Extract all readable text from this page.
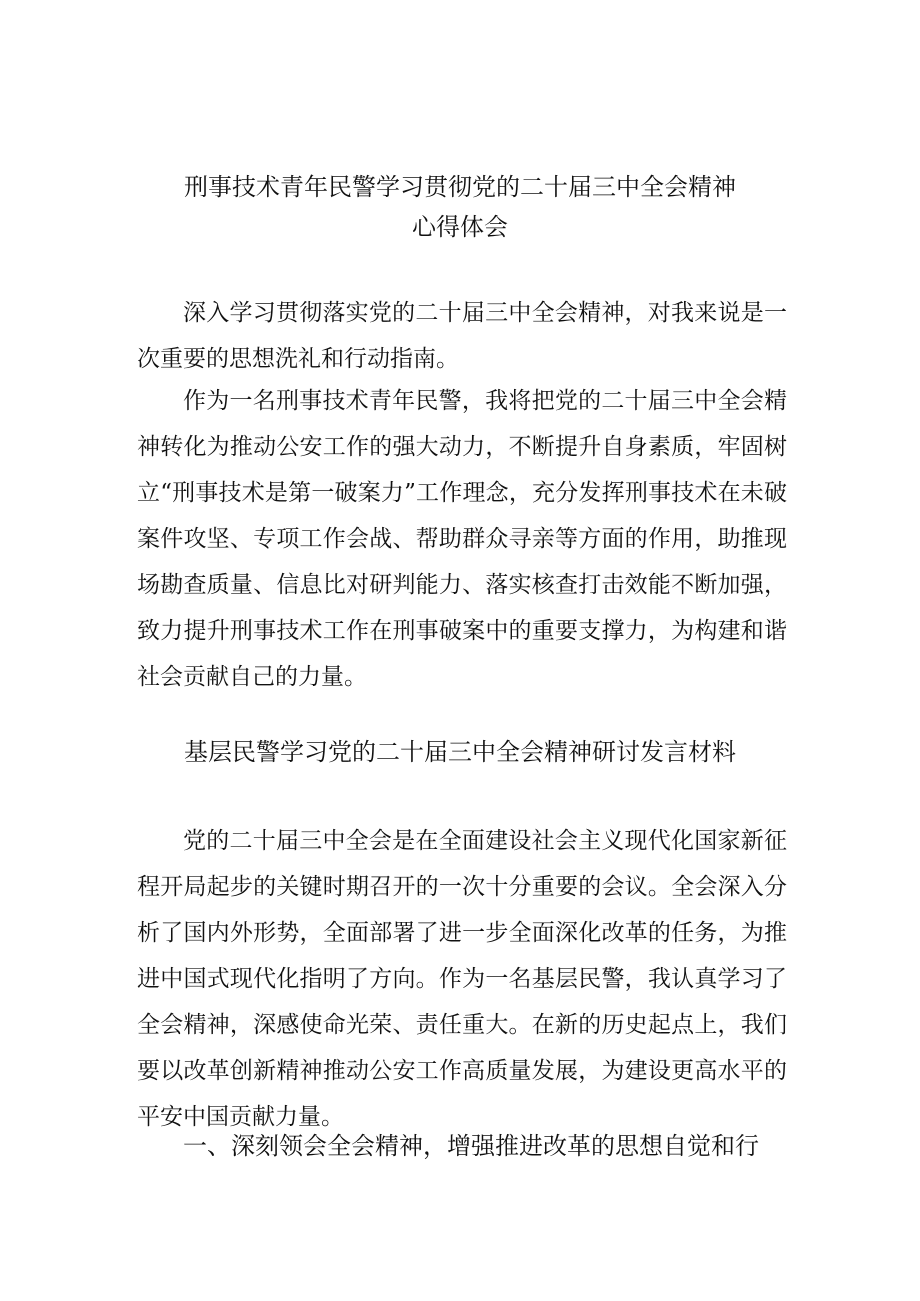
刑事技术青年民警学习贯彻党的二十届三中全会精神
心得体会

深入学习贯彻落实党的二十届三中全会精神，对我来说是一次重要的思想洗礼和行动指南。

作为一名刑事技术青年民警，我将把党的二十届三中全会精神转化为推动公安工作的强大动力，不断提升自身素质，牢固树立“刑事技术是第一破案力”工作理念，充分发挥刑事技术在未破案件攻坚、专项工作会战、帮助群众寻亲等方面的作用，助推现场勘查质量、信息比对研判能力、落实核查打击效能不断加强，致力提升刑事技术工作在刑事破案中的重要支撑力，为构建和谐社会贡献自己的力量。

基层民警学习党的二十届三中全会精神研讨发言材料

党的二十届三中全会是在全面建设社会主义现代化国家新征程开局起步的关键时期召开的一次十分重要的会议。全会深入分析了国内外形势，全面部署了进一步全面深化改革的任务，为推进中国式现代化指明了方向。作为一名基层民警，我认真学习了全会精神，深感使命光荣、责任重大。在新的历史起点上，我们要以改革创新精神推动公安工作高质量发展，为建设更高水平的平安中国贡献力量。

一、深刻领会全会精神，增强推进改革的思想自觉和行
